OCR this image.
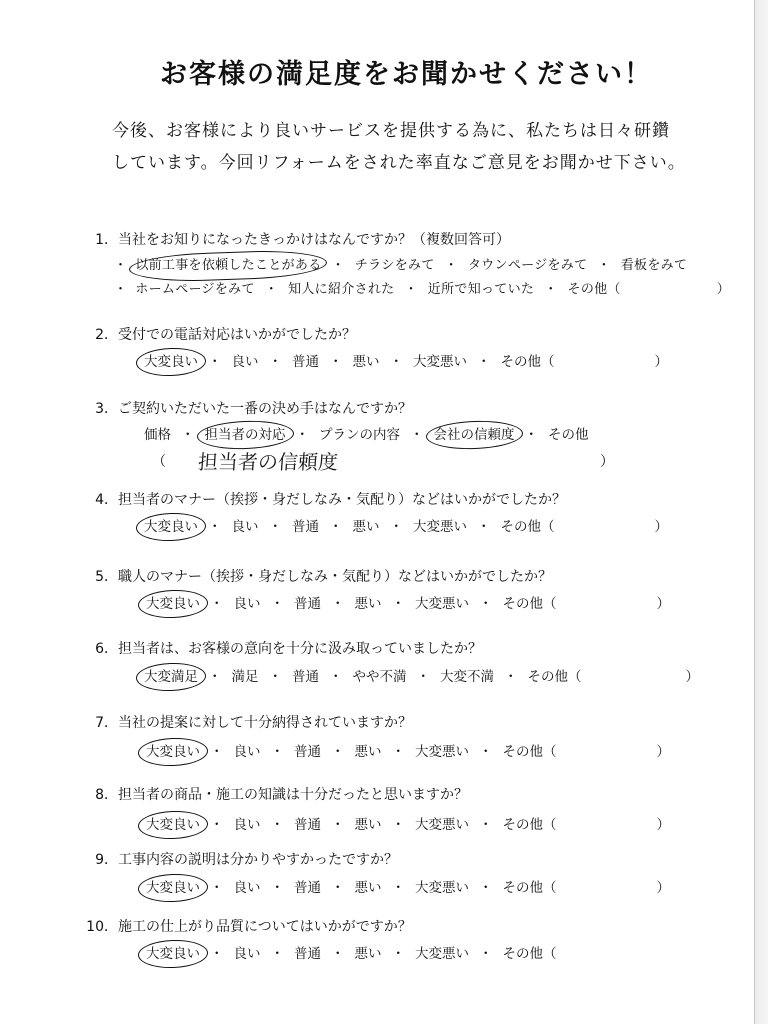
お客様の満足度をお聞かせください！
今後、お客様により良いサービスを提供する為に、私たちは日々研鑽
しています。今回リフォームをされた率直なご意見をお聞かせ下さい。
1．当社をお知りになったきっかけはなんですか？（複数回答可）
・ 以前工事を依頼したことがある ・ チラシをみて ・ タウンページをみて ・ 看板をみて
・ ホームページをみて ・ 知人に紹介された ・ 近所で知っていた ・ その他（	）
2．受付での電話対応はいかがでしたか？
大変良い ・ 良い ・ 普通 ・ 悪い ・ 大変悪い ・ その他（	）
3．ご契約いただいた一番の決め手はなんですか？
価格 ・ 担当者の対応 ・ プランの内容 ・ 会社の信頼度 ・ その他
（ 担当者の信頼度	）
4．担当者のマナー（挨拶・身だしなみ・気配り）などはいかがでしたか？
大変良い ・ 良い ・ 普通 ・ 悪い ・ 大変悪い ・ その他（	）
5．職人のマナー（挨拶・身だしなみ・気配り）などはいかがでしたか？
大変良い ・ 良い ・ 普通 ・ 悪い ・ 大変悪い ・ その他（	）
6．担当者は、お客様の意向を十分に汲み取っていましたか？
大変満足 ・ 満足 ・ 普通 ・ やや不満 ・ 大変不満 ・ その他（	）
7．当社の提案に対して十分納得されていますか？
大変良い ・ 良い ・ 普通 ・ 悪い ・ 大変悪い ・ その他（	）
8．担当者の商品・施工の知識は十分だったと思いますか？
大変良い ・ 良い ・ 普通 ・ 悪い ・ 大変悪い ・ その他（	）
9．工事内容の説明は分かりやすかったですか？
大変良い ・ 良い ・ 普通 ・ 悪い ・ 大変悪い ・ その他（	）
10．施工の仕上がり品質についてはいかがですか？
大変良い ・ 良い ・ 普通 ・ 悪い ・ 大変悪い ・ その他（
